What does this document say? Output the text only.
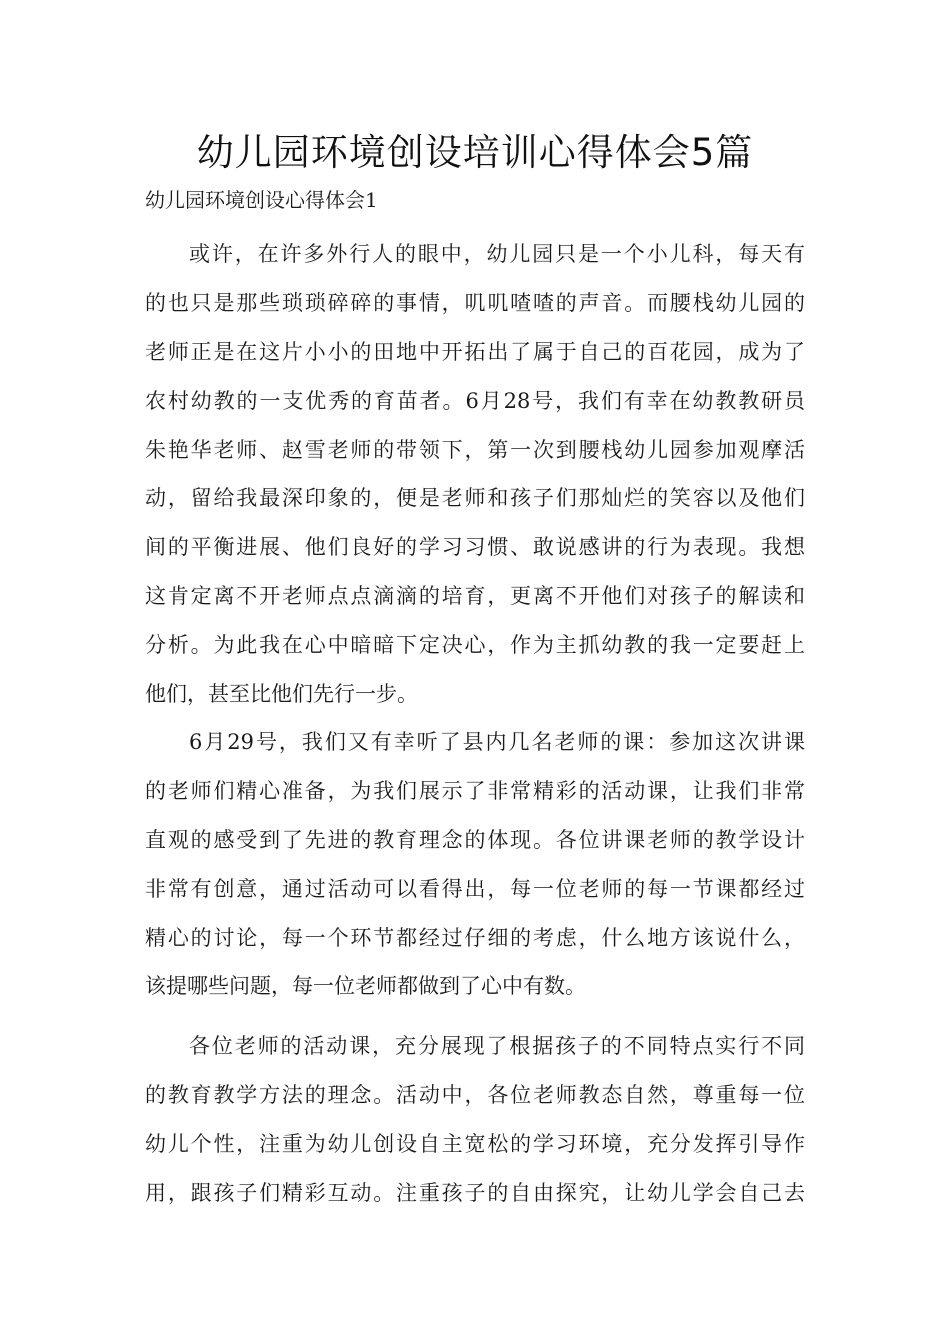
幼儿园环境创设培训心得体会5篇

幼儿园环境创设心得体会1

或许，在许多外行人的眼中，幼儿园只是一个小儿科，每天有
的也只是那些琐琐碎碎的事情，叽叽喳喳的声音。而腰栈幼儿园的
老师正是在这片小小的田地中开拓出了属于自己的百花园，成为了
农村幼教的一支优秀的育苗者。6月28号，我们有幸在幼教教研员
朱艳华老师、赵雪老师的带领下，第一次到腰栈幼儿园参加观摩活
动，留给我最深印象的，便是老师和孩子们那灿烂的笑容以及他们
间的平衡进展、他们良好的学习习惯、敢说感讲的行为表现。我想
这肯定离不开老师点点滴滴的培育，更离不开他们对孩子的解读和
分析。为此我在心中暗暗下定决心，作为主抓幼教的我一定要赶上
他们，甚至比他们先行一步。

6月29号，我们又有幸听了县内几名老师的课：参加这次讲课
的老师们精心准备，为我们展示了非常精彩的活动课，让我们非常
直观的感受到了先进的教育理念的体现。各位讲课老师的教学设计
非常有创意，通过活动可以看得出，每一位老师的每一节课都经过
精心的讨论，每一个环节都经过仔细的考虑，什么地方该说什么，
该提哪些问题，每一位老师都做到了心中有数。

各位老师的活动课，充分展现了根据孩子的不同特点实行不同
的教育教学方法的理念。活动中，各位老师教态自然，尊重每一位
幼儿个性，注重为幼儿创设自主宽松的学习环境，充分发挥引导作
用，跟孩子们精彩互动。注重孩子的自由探究，让幼儿学会自己去
